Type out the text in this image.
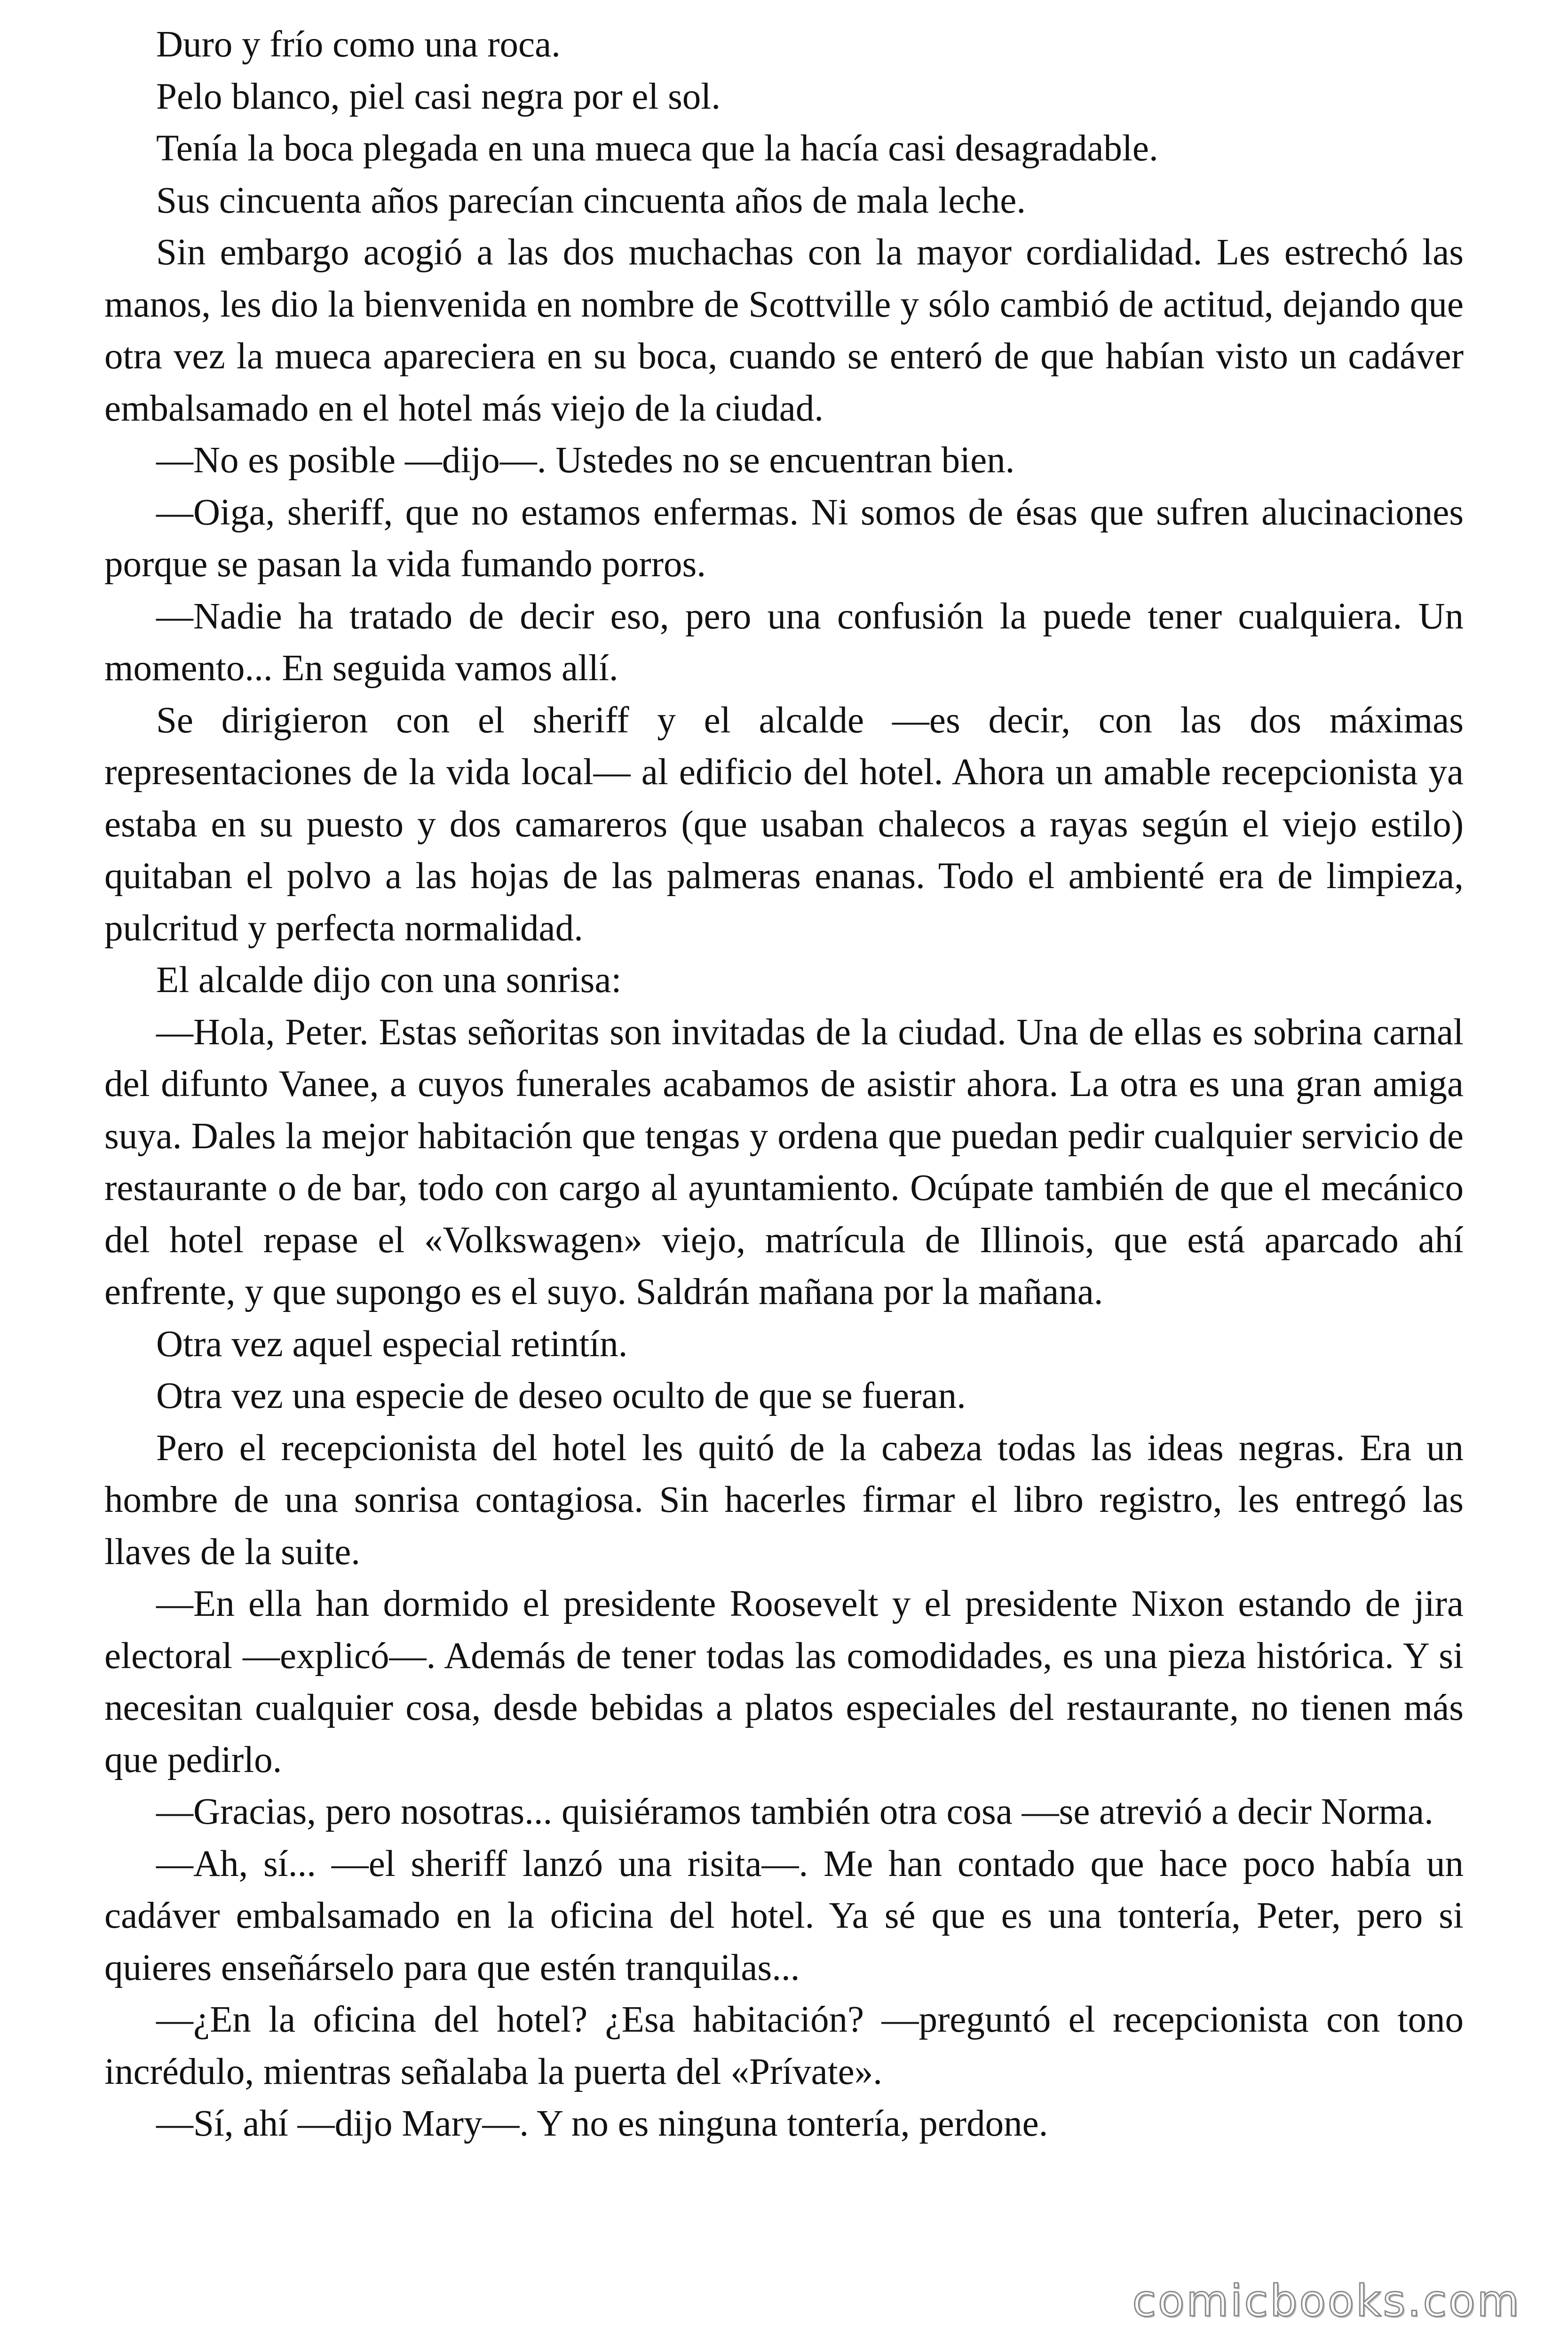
Duro y frío como una roca.

Pelo blanco, piel casi negra por el sol.

Tenía la boca plegada en una mueca que la hacía casi desagradable.

Sus cincuenta años parecían cincuenta años de mala leche.

Sin embargo acogió a las dos muchachas con la mayor cordialidad. Les estrechó las manos, les dio la bienvenida en nombre de Scottville y sólo cambió de actitud, dejando que otra vez la mueca apareciera en su boca, cuando se enteró de que habían visto un cadáver embalsamado en el hotel más viejo de la ciudad.

—No es posible —dijo—. Ustedes no se encuentran bien.

—Oiga, sheriff, que no estamos enfermas. Ni somos de ésas que sufren alucinaciones porque se pasan la vida fumando porros.

—Nadie ha tratado de decir eso, pero una confusión la puede tener cualquiera. Un momento... En seguida vamos allí.

Se dirigieron con el sheriff y el alcalde —es decir, con las dos máximas representaciones de la vida local— al edificio del hotel. Ahora un amable recepcionista ya estaba en su puesto y dos camareros (que usaban chalecos a rayas según el viejo estilo) quitaban el polvo a las hojas de las palmeras enanas. Todo el ambienté era de limpieza, pulcritud y perfecta normalidad.

El alcalde dijo con una sonrisa:

—Hola, Peter. Estas señoritas son invitadas de la ciudad. Una de ellas es sobrina carnal del difunto Vanee, a cuyos funerales acabamos de asistir ahora. La otra es una gran amiga suya. Dales la mejor habitación que tengas y ordena que puedan pedir cualquier servicio de restaurante o de bar, todo con cargo al ayuntamiento. Ocúpate también de que el mecánico del hotel repase el «Volkswagen» viejo, matrícula de Illinois, que está aparcado ahí enfrente, y que supongo es el suyo. Saldrán mañana por la mañana.

Otra vez aquel especial retintín.

Otra vez una especie de deseo oculto de que se fueran.

Pero el recepcionista del hotel les quitó de la cabeza todas las ideas negras. Era un hombre de una sonrisa contagiosa. Sin hacerles firmar el libro registro, les entregó las llaves de la suite.

—En ella han dormido el presidente Roosevelt y el presidente Nixon estando de jira electoral —explicó—. Además de tener todas las comodidades, es una pieza histórica. Y si necesitan cualquier cosa, desde bebidas a platos especiales del restaurante, no tienen más que pedirlo.

—Gracias, pero nosotras... quisiéramos también otra cosa —se atrevió a decir Norma.

—Ah, sí... —el sheriff lanzó una risita—. Me han contado que hace poco había un cadáver embalsamado en la oficina del hotel. Ya sé que es una tontería, Peter, pero si quieres enseñárselo para que estén tranquilas...

—¿En la oficina del hotel? ¿Esa habitación? —preguntó el recepcionista con tono incrédulo, mientras señalaba la puerta del «Prívate».

—Sí, ahí —dijo Mary—. Y no es ninguna tontería, perdone.

comicbooks.com
